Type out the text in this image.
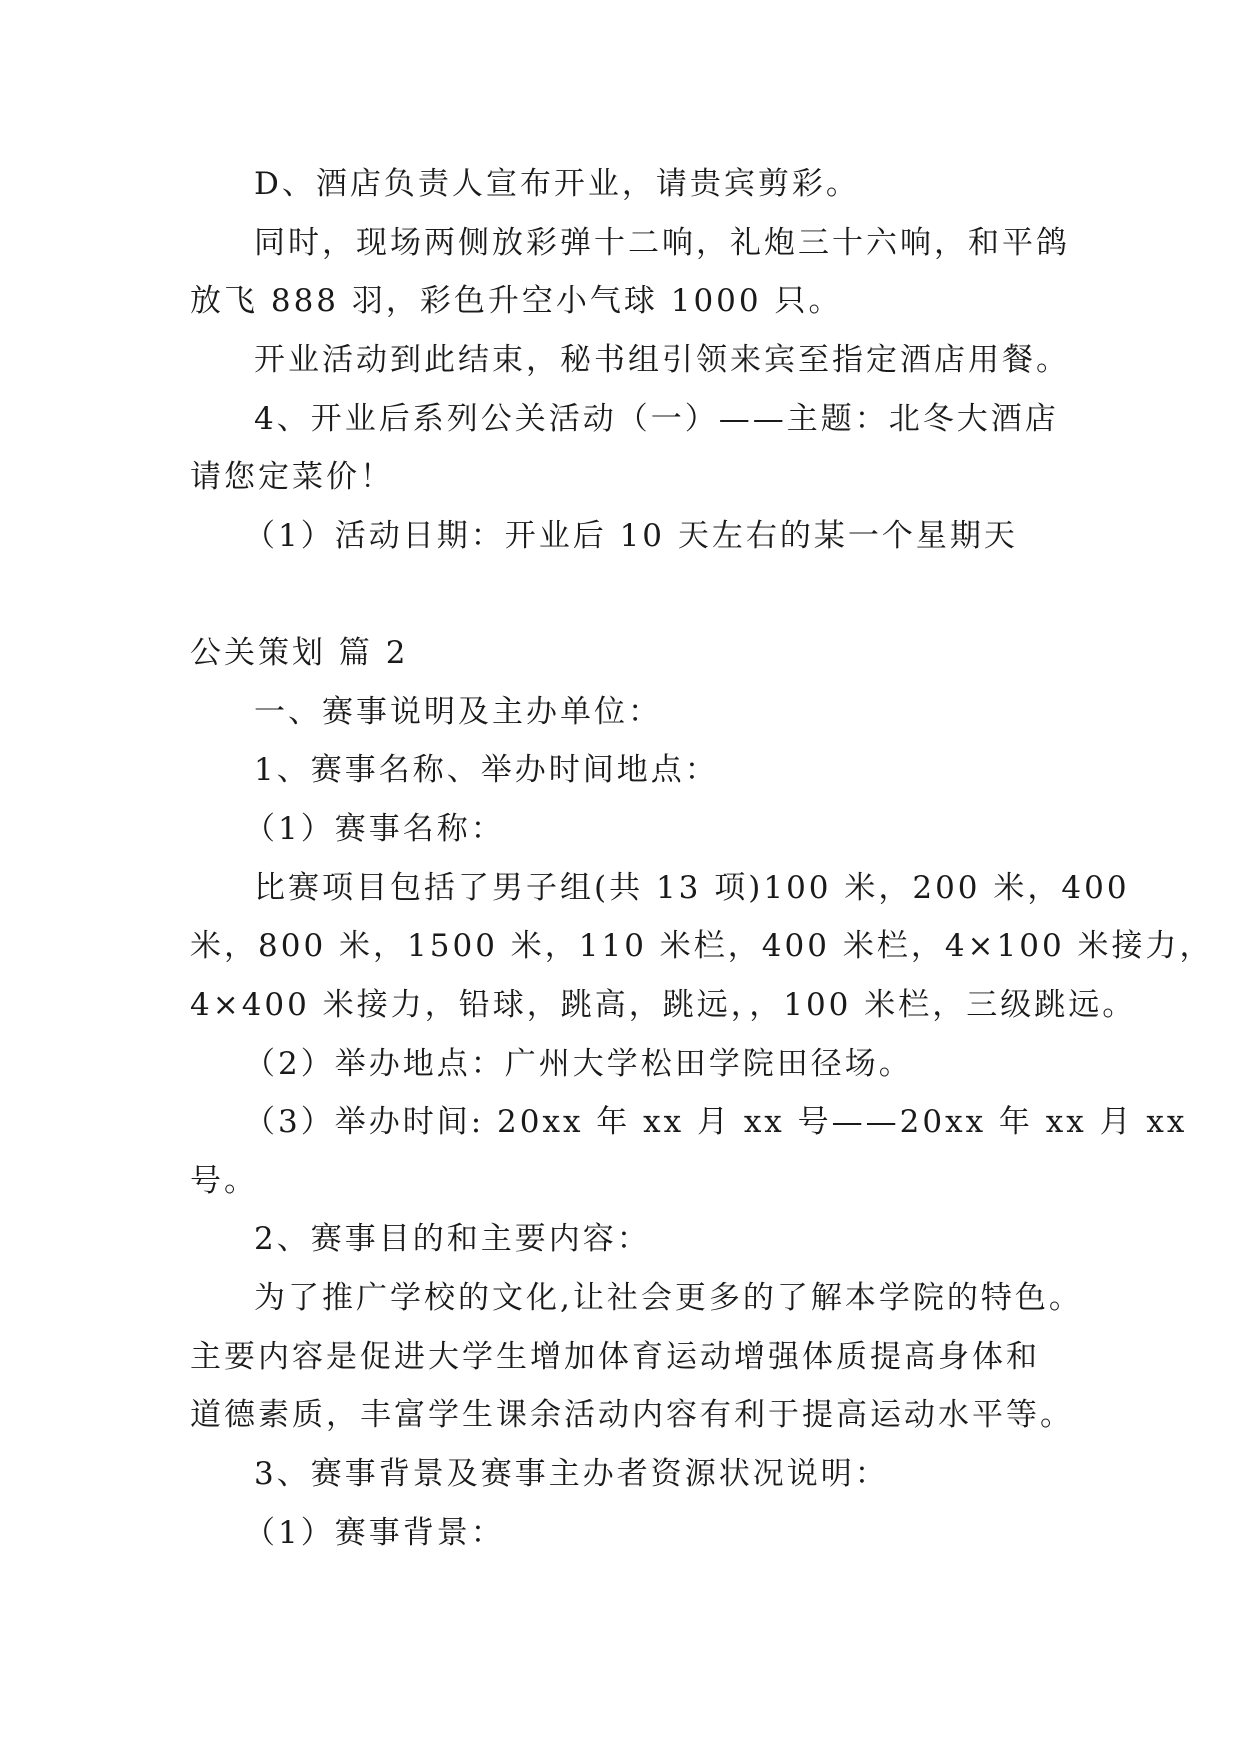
D、酒店负责人宣布开业，请贵宾剪彩。
同时，现场两侧放彩弹十二响，礼炮三十六响，和平鸽
放飞 888 羽，彩色升空小气球 1000 只。
开业活动到此结束，秘书组引领来宾至指定酒店用餐。
4、开业后系列公关活动（一）——主题：北冬大酒店
请您定菜价！
（1）活动日期：开业后 10 天左右的某一个星期天
公关策划 篇 2
一、赛事说明及主办单位：
1、赛事名称、举办时间地点：
（1）赛事名称：
比赛项目包括了男子组(共 13 项)100 米，200 米，400
米，800 米，1500 米，110 米栏，400 米栏，4×100 米接力，
4×400 米接力，铅球，跳高，跳远，，100 米栏，三级跳远。
（2）举办地点：广州大学松田学院田径场。
（3）举办时间: 20xx 年 xx 月 xx 号——20xx 年 xx 月 xx
号。
2、赛事目的和主要内容：
为了推广学校的文化,让社会更多的了解本学院的特色。
主要内容是促进大学生增加体育运动增强体质提高身体和
道德素质，丰富学生课余活动内容有利于提高运动水平等。
3、赛事背景及赛事主办者资源状况说明：
（1）赛事背景：
